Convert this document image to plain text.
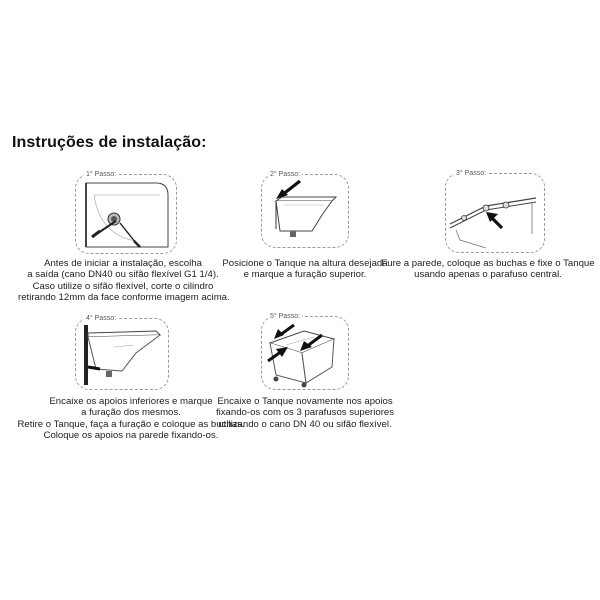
Instruções de instalação:
1° Passo:
Antes de iniciar a instalação, escolha
a saída (cano DN40 ou sifão flexível G1 1/4).
Caso utilize o sifão flexível, corte o cilindro
retirando 12mm da face conforme imagem acima.
2° Passo:
Posicione o Tanque na altura desejada
e marque a furação superior.
3° Passo:
Fure a parede, coloque as buchas e fixe o Tanque
usando apenas o parafuso central.
4° Passo:
Encaixe os apoios inferiores e marque
a furação dos mesmos.
Retire o Tanque, faça a furação e coloque as buchas.
Coloque os apoios na parede fixando-os.
5° Passo:
Encaixe o Tanque novamente nos apoios
fixando-os com os 3 parafusos superiores
utilizando o cano DN 40 ou sifão flexível.
